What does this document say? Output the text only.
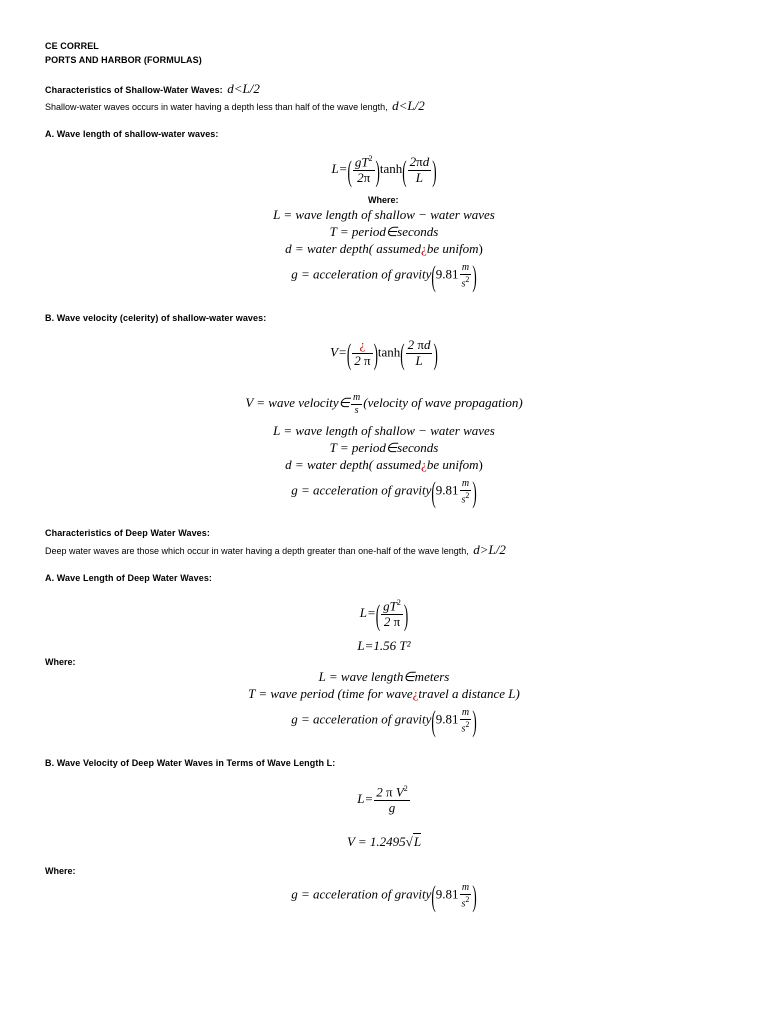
CE CORREL
PORTS AND HARBOR (FORMULAS)
Characteristics of Shallow-Water Waves: d<L/2
Shallow-water waves occurs in water having a depth less than half of the wave length, d<L/2
A. Wave length of shallow-water waves:
$L=( \frac{gT^2}{2\pi} )\tanh( \frac{2\pi d}{L}$ )
Where:
L = wave length of shallow − water waves
T = period∈seconds
d = water depth( assumed¿be unifom)
g = acceleration of gravity(9.81 $\frac{m}{s^2}$ )
B. Wave velocity (celerity) of shallow-water waves:
V=( ¿
2 π )$\tanh( \frac{2 \pi d}{L}$ )
V = wave velocity∈ $\frac{m}{s}$ (velocity of wave propagation)
L = wave length of shallow − water waves
T = period∈seconds
d = water depth( assumed¿be unifom)
g = acceleration of gravity(9.81 $\frac{m}{s^2}$ )
Characteristics of Deep Water Waves:
Deep water waves are those which occur in water having a depth greater than one-half of the wave length, d>L/2
A. Wave Length of Deep Water Waves:
$L=( \frac{gT^2}{2 \pi}$ )
L=1.56 T²
Where:
L = wave length∈meters
T = wave period (time for wave¿travel a distance L)
g = acceleration of gravity(9.81 $\frac{m}{s^2}$ )
B. Wave Velocity of Deep Water Waves in Terms of Wave Length L:
$L= \frac{2 \pi V^2}{g}$
V = 1.2495√L
Where:
g = acceleration of gravity(9.81 $\frac{m}{s^2}$ )
